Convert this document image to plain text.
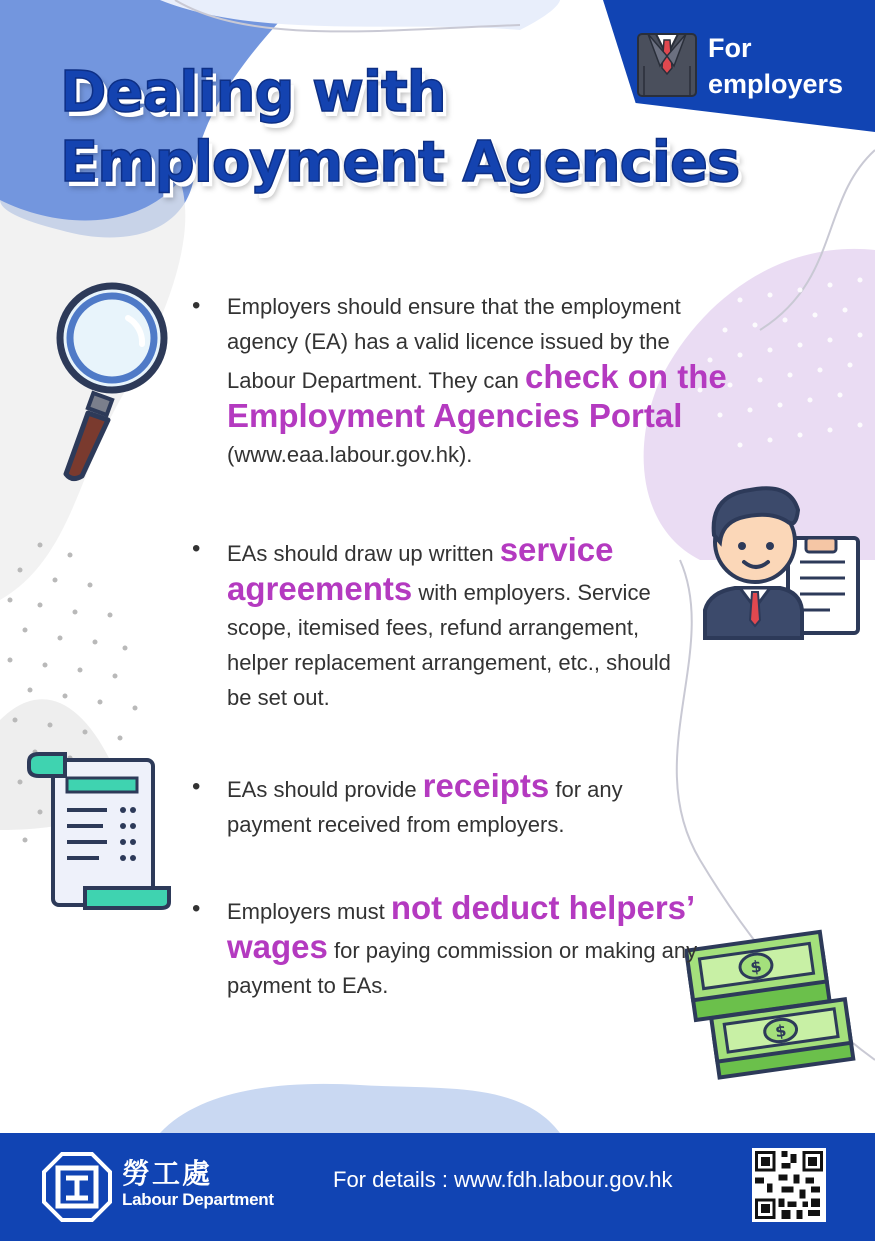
For
employers
Dealing with
Employment Agencies
$
$
• Employers should ensure that the employment agency (EA) has a valid licence issued by the Labour Department. They can check on the Employment Agencies Portal (www.eaa.labour.gov.hk).
• EAs should draw up written service agreements with employers. Service scope, itemised fees, refund arrangement, helper replacement arrangement, etc., should be set out.
• EAs should provide receipts for any payment received from employers.
• Employers must not deduct helpers’ wages for paying commission or making any payment to EAs.
勞工處
Labour Department
For details : www.fdh.labour.gov.hk
